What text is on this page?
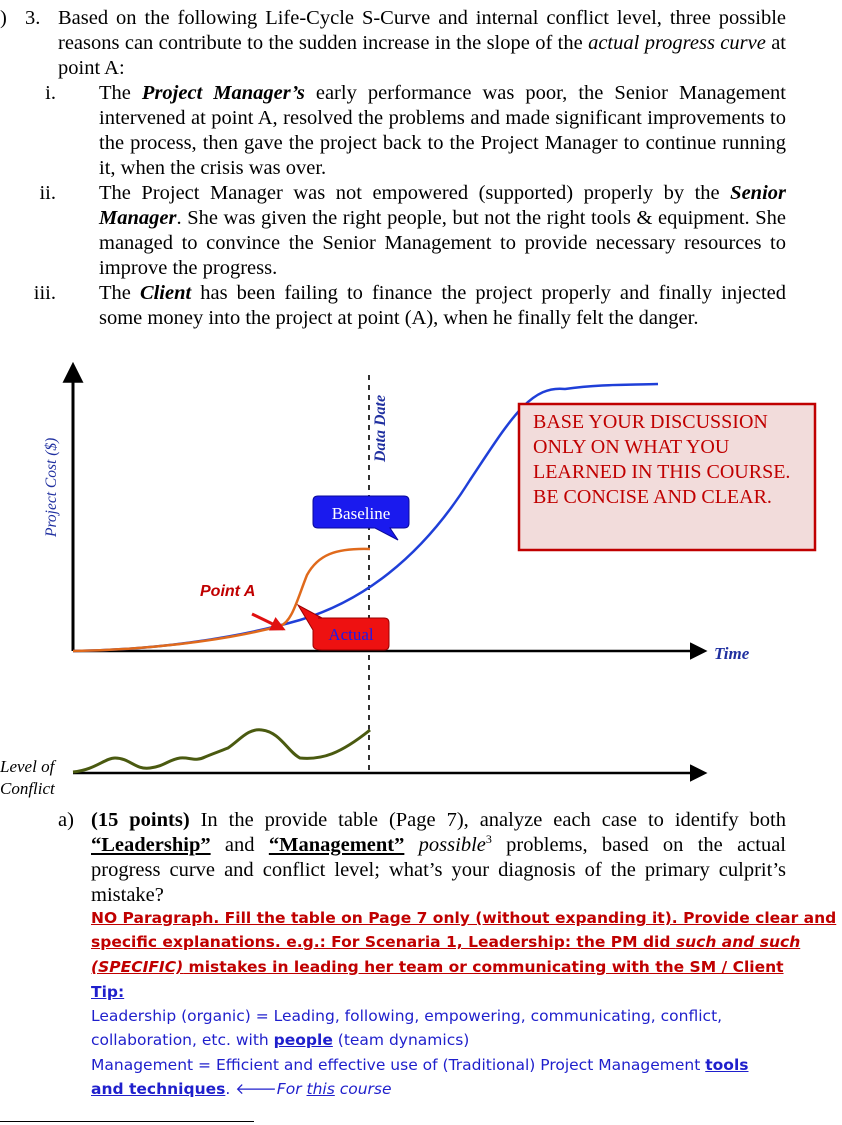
) 3. Based on the following Life-Cycle S-Curve and internal conflict level, three possible reasons can contribute to the sudden increase in the slope of the actual progress curve at point A:
i. The Project Manager’s early performance was poor, the Senior Management intervened at point A, resolved the problems and made significant improvements to the process, then gave the project back to the Project Manager to continue running it, when the crisis was over.
ii. The Project Manager was not empowered (supported) properly by the Senior Manager. She was given the right people, but not the right tools & equipment. She managed to convince the Senior Management to provide necessary resources to improve the progress.
iii. The Client has been failing to finance the project properly and finally injected some money into the project at point (A), when he finally felt the danger.
Project Cost ($)
Time
Data Date
Baseline
Actual
Point A
Level of
Conflict
BASE YOUR DISCUSSION ONLY ON WHAT YOU LEARNED IN THIS COURSE. BE CONCISE AND CLEAR.
a) (15 points) In the provide table (Page 7), analyze each case to identify both “Leadership” and “Management” possible$^3$ problems, based on the actual progress curve and conflict level; what’s your diagnosis of the primary culprit’s mistake?
NO Paragraph. Fill the table on Page 7 only (without expanding it). Provide clear and
specific explanations. e.g.: For Scenaria 1, Leadership: the PM did such and such
(SPECIFIC) mistakes in leading her team or communicating with the SM / Client
Tip:
Leadership (organic) = Leading, following, empowering, communicating, conflict,
collaboration, etc. with people (team dynamics)
Management = Efficient and effective use of (Traditional) Project Management tools
and techniques. 🡐For this course
